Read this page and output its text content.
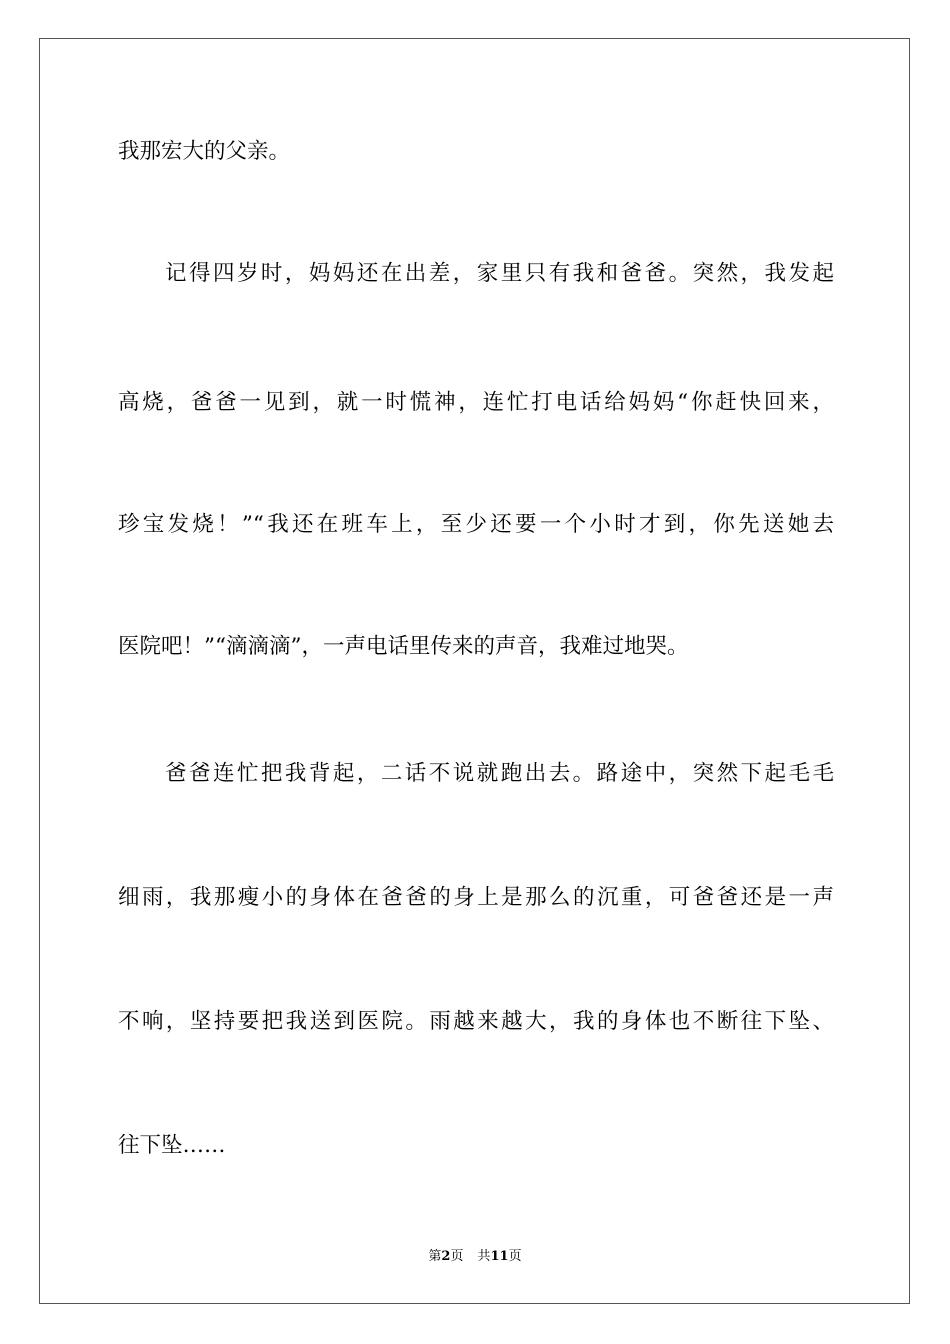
我那宏大的父亲。
记得四岁时，妈妈还在出差，家里只有我和爸爸。突然，我发起
高烧，爸爸一见到，就一时慌神，连忙打电话给妈妈“你赶快回来，
珍宝发烧！”“我还在班车上，至少还要一个小时才到，你先送她去
医院吧！”“滴滴滴”，一声电话里传来的声音，我难过地哭。
爸爸连忙把我背起，二话不说就跑出去。路途中，突然下起毛毛
细雨，我那瘦小的身体在爸爸的身上是那么的沉重，可爸爸还是一声
不响，坚持要把我送到医院。雨越来越大，我的身体也不断往下坠、
往下坠……
第2页 共11页
